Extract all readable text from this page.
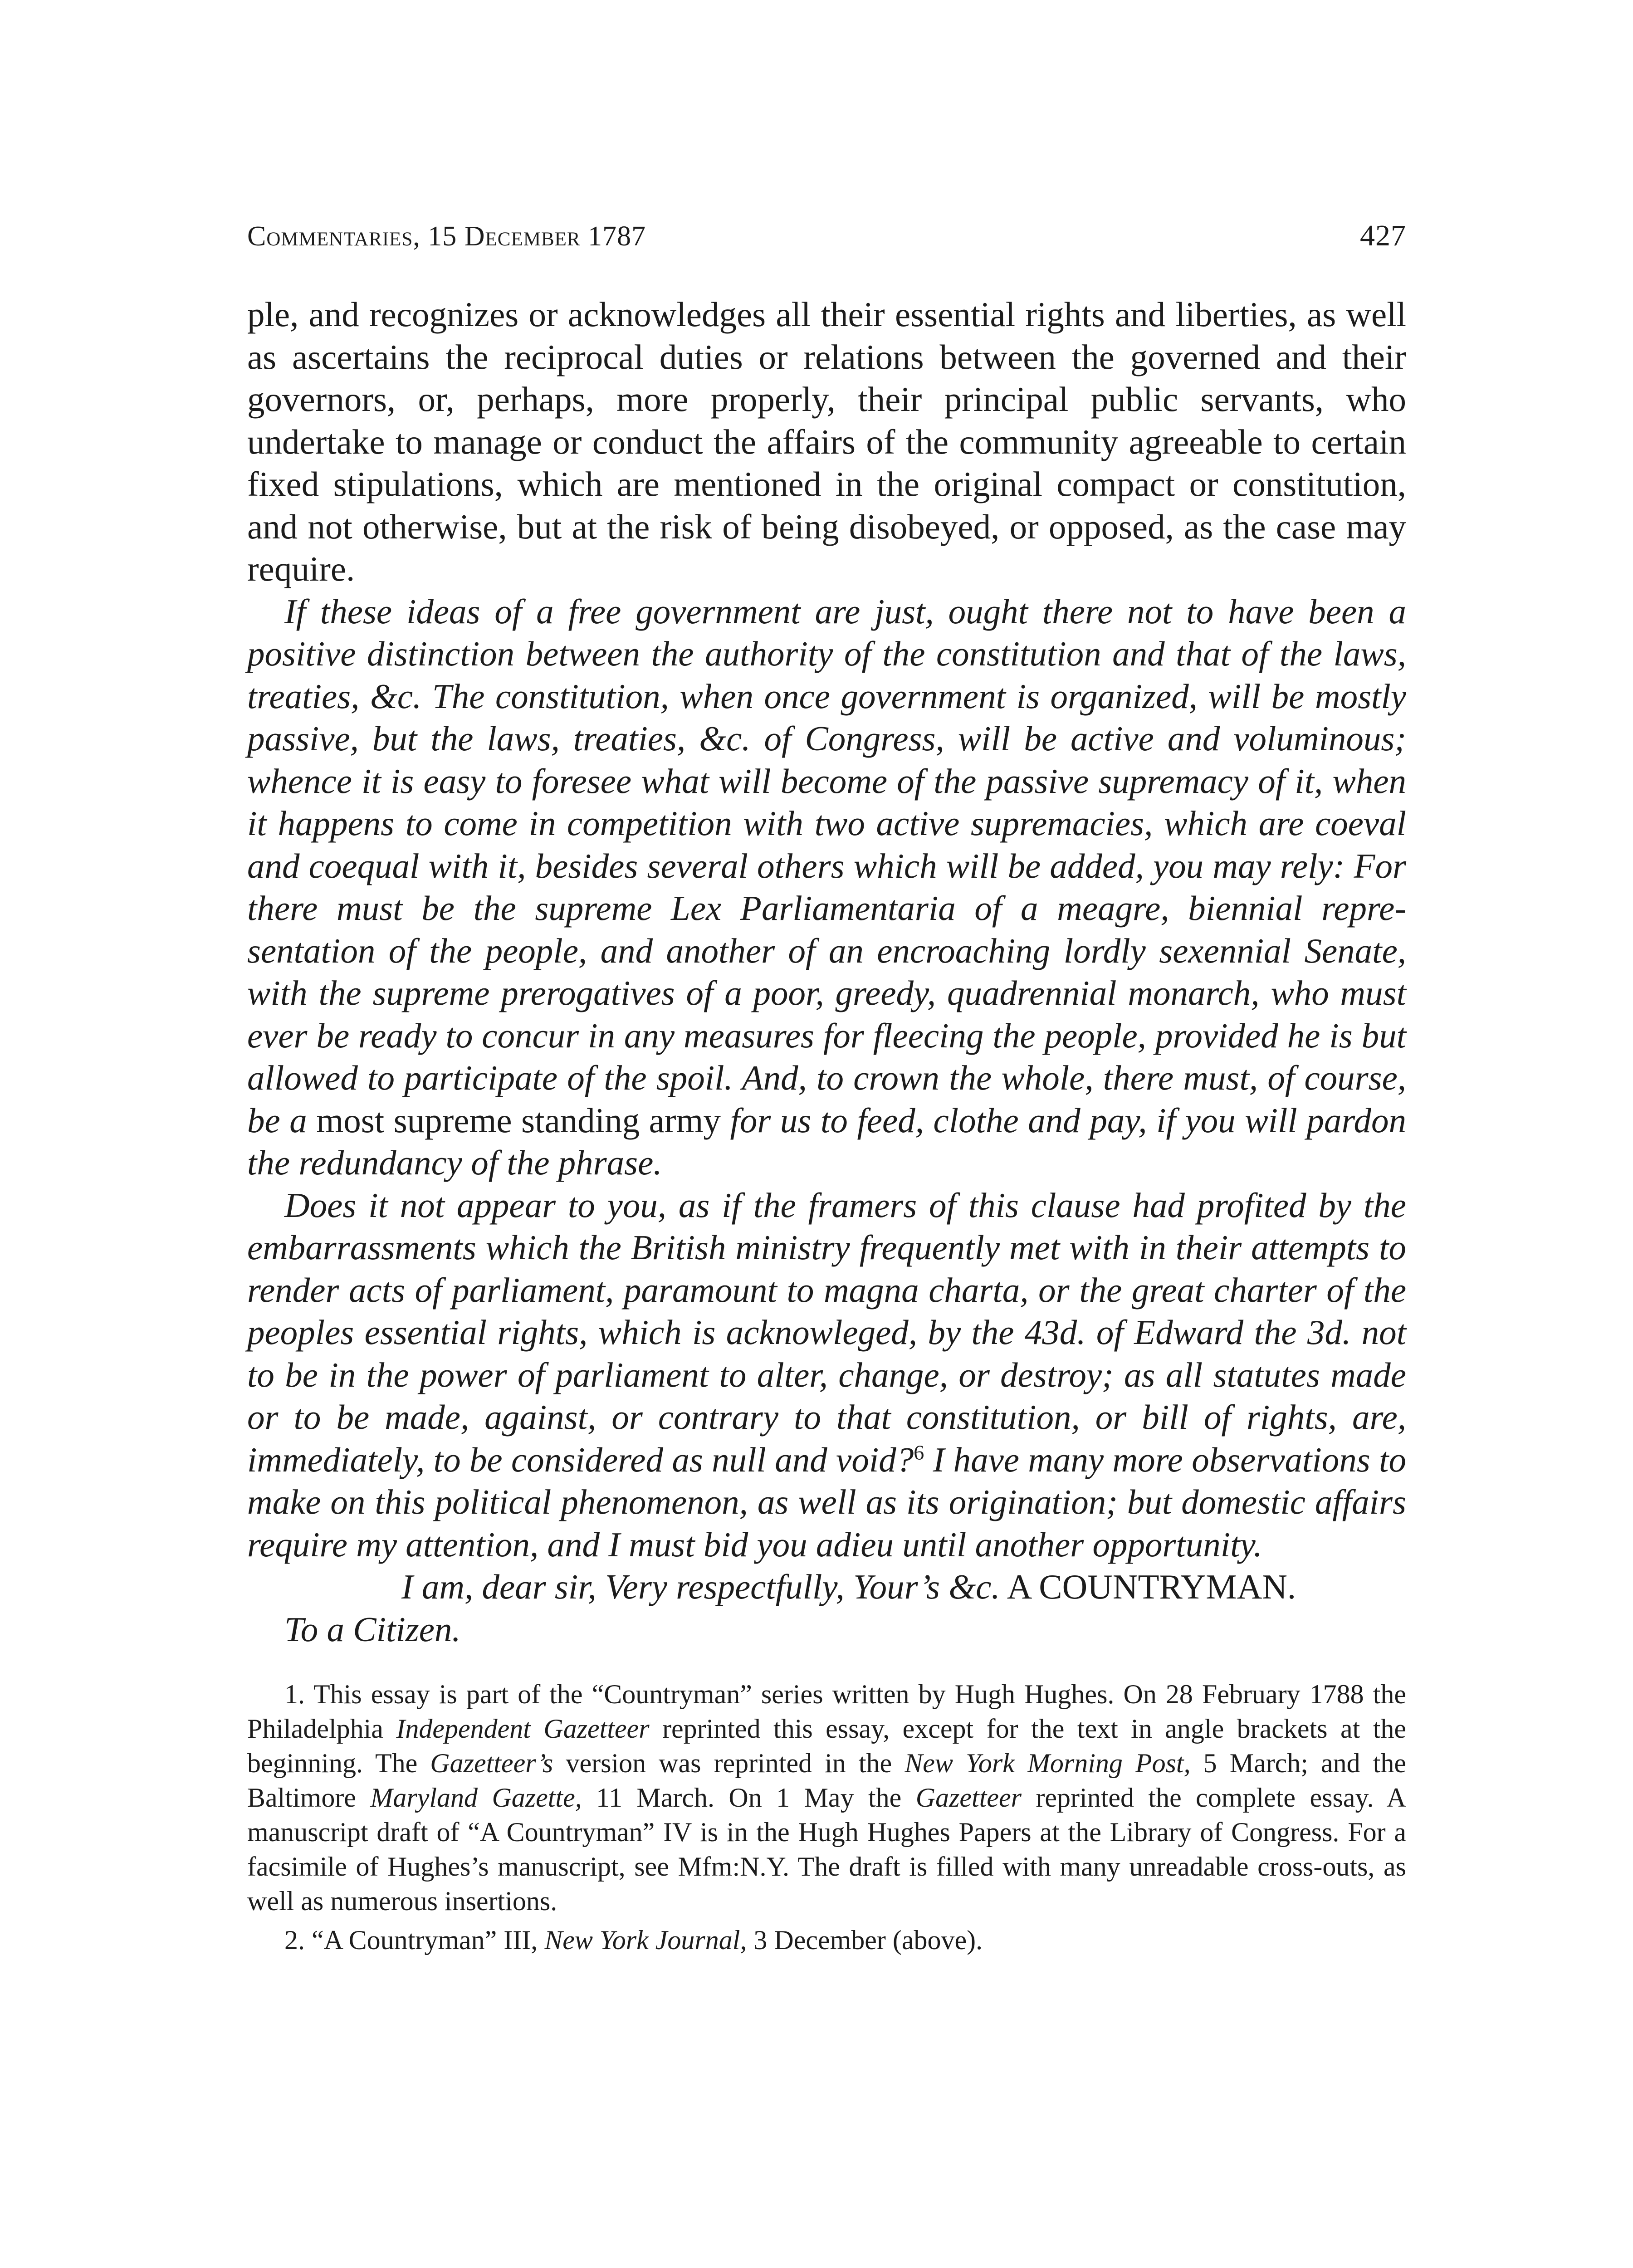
Commentaries, 15 December 1787	427

ple, and recognizes or acknowledges all their essential rights and liberties, as well as ascertains the reciprocal duties or relations between the governed and their governors, or, perhaps, more properly, their principal public servants, who undertake to manage or conduct the affairs of the community agreeable to certain fixed stipulations, which are mentioned in the original compact or constitution, and not otherwise, but at the risk of being disobeyed, or opposed, as the case may require.

If these ideas of a free government are just, ought there not to have been a positive distinction between the authority of the constitution and that of the laws, treaties, &c. The constitution, when once government is organized, will be mostly passive, but the laws, treaties, &c. of Congress, will be active and voluminous; whence it is easy to foresee what will become of the passive supremacy of it, when it happens to come in competition with two active supremacies, which are coeval and coequal with it, besides several others which will be added, you may rely: For there must be the supreme Lex Parliamentaria of a meagre, biennial representation of the people, and another of an encroaching lordly sexennial Senate, with the supreme prerogatives of a poor, greedy, quadrennial monarch, who must ever be ready to concur in any measures for fleecing the people, provided he is but allowed to participate of the spoil. And, to crown the whole, there must, of course, be a most supreme standing army for us to feed, clothe and pay, if you will pardon the redundancy of the phrase.

Does it not appear to you, as if the framers of this clause had profited by the embarrassments which the British ministry frequently met with in their attempts to render acts of parliament, paramount to magna charta, or the great charter of the peoples essential rights, which is acknowleged, by the 43d. of Edward the 3d. not to be in the power of parliament to alter, change, or destroy; as all statutes made or to be made, against, or contrary to that constitution, or bill of rights, are, immediately, to be considered as null and void?$^6$ I have many more observations to make on this political phenomenon, as well as its origination; but domestic affairs require my attention, and I must bid you adieu until another opportunity.

I am, dear sir, Very respectfully, Your’s &c. A COUNTRYMAN.

To a Citizen.

1. This essay is part of the “Countryman” series written by Hugh Hughes. On 28 February 1788 the Philadelphia Independent Gazetteer reprinted this essay, except for the text in angle brackets at the beginning. The Gazetteer’s version was reprinted in the New York Morning Post, 5 March; and the Baltimore Maryland Gazette, 11 March. On 1 May the Gazetteer reprinted the complete essay. A manuscript draft of “A Countryman” IV is in the Hugh Hughes Papers at the Library of Congress. For a facsimile of Hughes’s manuscript, see Mfm:N.Y. The draft is filled with many unreadable cross-outs, as well as numerous insertions.

2. “A Countryman” III, New York Journal, 3 December (above).
